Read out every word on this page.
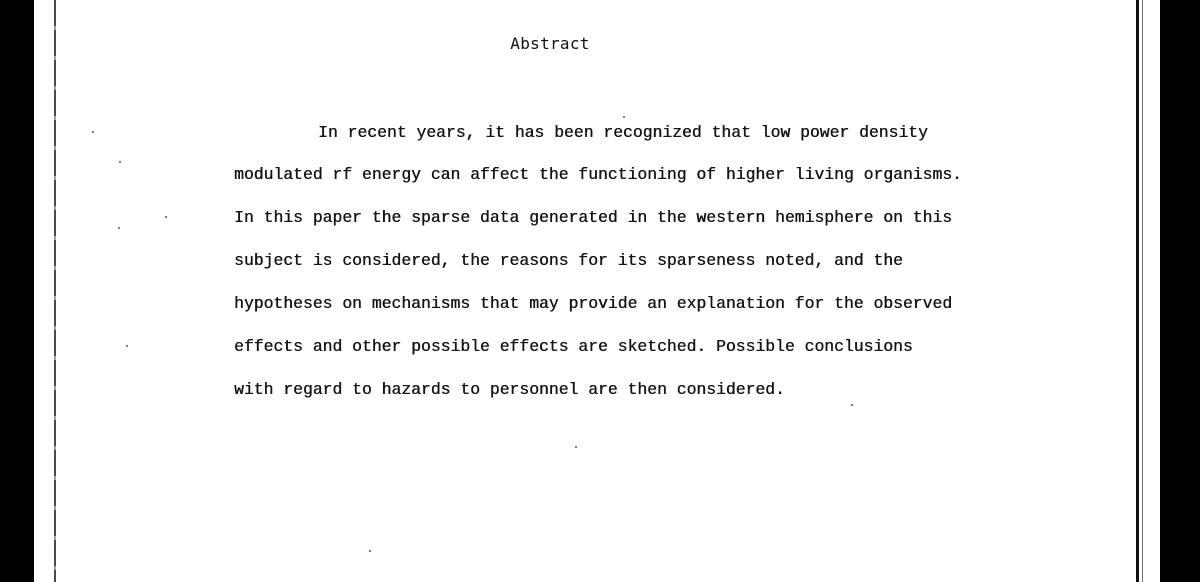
Abstract
In recent years, it has been recognized that low power density
modulated rf energy can affect the functioning of higher living organisms.
In this paper the sparse data generated in the western hemisphere on this
subject is considered, the reasons for its sparseness noted, and the
hypotheses on mechanisms that may provide an explanation for the observed
effects and other possible effects are sketched. Possible conclusions
with regard to hazards to personnel are then considered.
